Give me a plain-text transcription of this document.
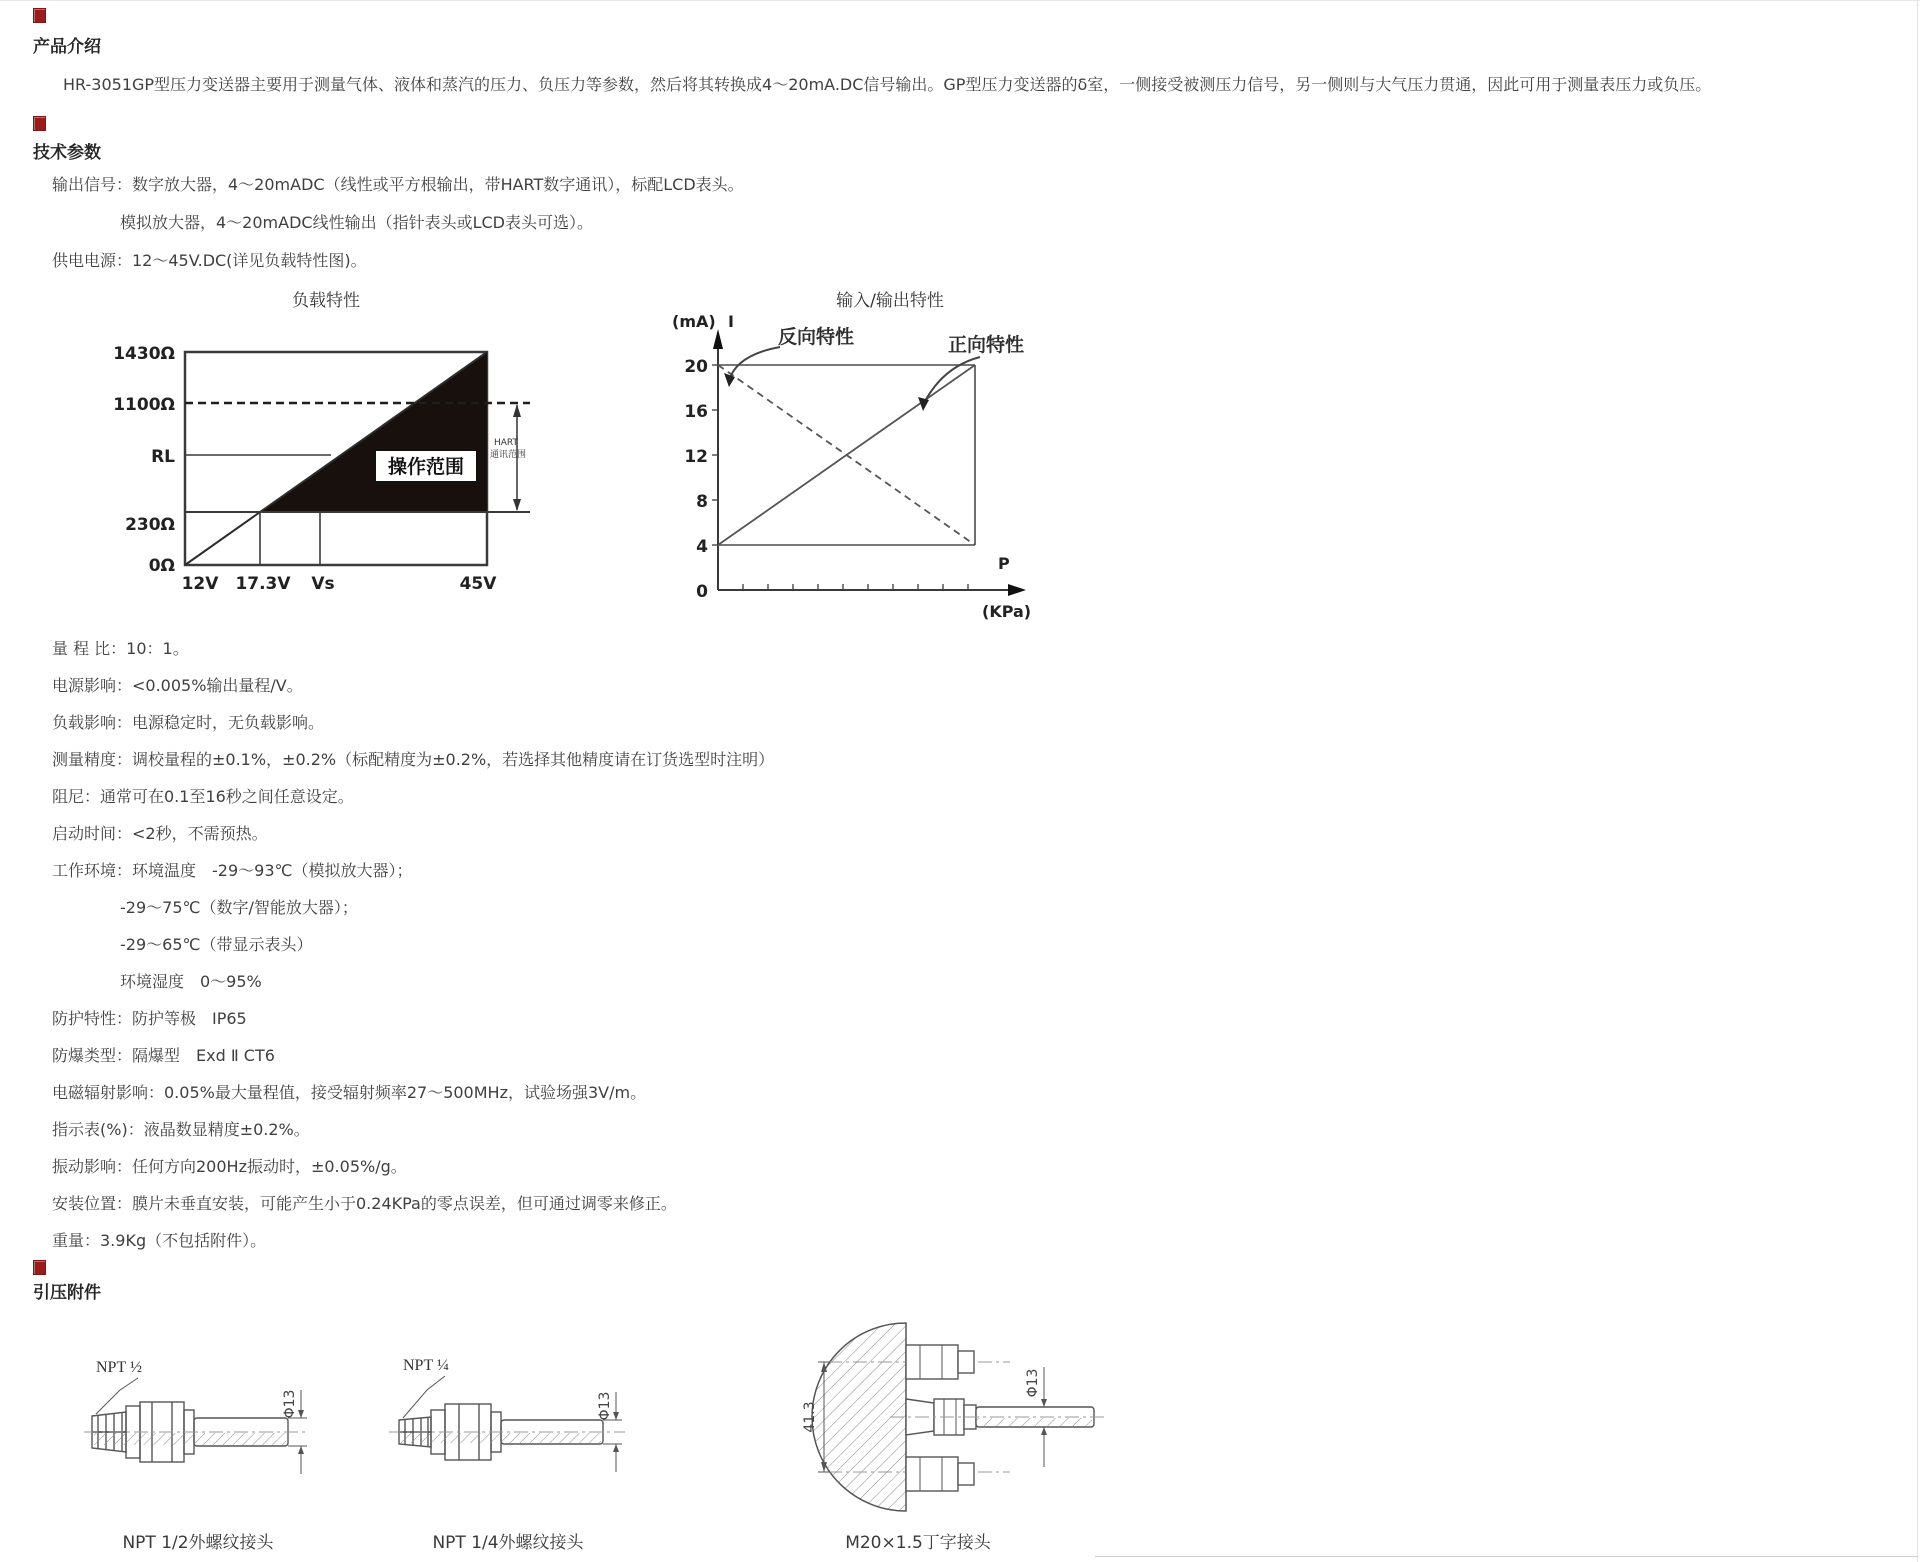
产品介绍

HR-3051GP型压力变送器主要用于测量气体、液体和蒸汽的压力、负压力等参数，然后将其转换成4～20mA.DC信号输出。GP型压力变送器的δ室，一侧接受被测压力信号，另一侧则与大气压力贯通，因此可用于测量表压力或负压。

技术参数

输出信号：数字放大器，4～20mADC（线性或平方根输出，带HART数字通讯），标配LCD表头。

模拟放大器，4～20mADC线性输出（指针表头或LCD表头可选）。

供电电源：12～45V.DC(详见负载特性图)。

负载特性	输入/输出特性
操作范围
HART
通讯范围
1430Ω
1100Ω
RL
230Ω
0Ω
12V 17.3V Vs	45V
(mA) I
P
(KPa)
20
16
12
8
4
0
反向特性	正向特性

量 程 比：10：1。

电源影响：<0.005%输出量程/V。

负载影响：电源稳定时，无负载影响。

测量精度：调校量程的±0.1%，±0.2%（标配精度为±0.2%，若选择其他精度请在订货选型时注明）

阻尼：通常可在0.1至16秒之间任意设定。

启动时间：<2秒，不需预热。

工作环境：环境温度　-29～93℃（模拟放大器）；

-29～75℃（数字/智能放大器）；

-29～65℃（带显示表头）

环境湿度　0～95%

防护特性：防护等极　IP65

防爆类型：隔爆型　Exd Ⅱ CT6

电磁辐射影响：0.05%最大量程值，接受辐射频率27～500MHz，试验场强3V/m。

指示表(%)：液晶数显精度±0.2%。

振动影响：任何方向200Hz振动时，±0.05%/g。

安装位置：膜片未垂直安装，可能产生小于0.24KPa的零点误差，但可通过调零来修正。

重量：3.9Kg（不包括附件）。

引压附件
NPT ½
Φ13
NPT ¼
Φ13	41.3
Φ13

NPT 1/2外螺纹接头	NPT 1/4外螺纹接头	M20×1.5丁字接头
